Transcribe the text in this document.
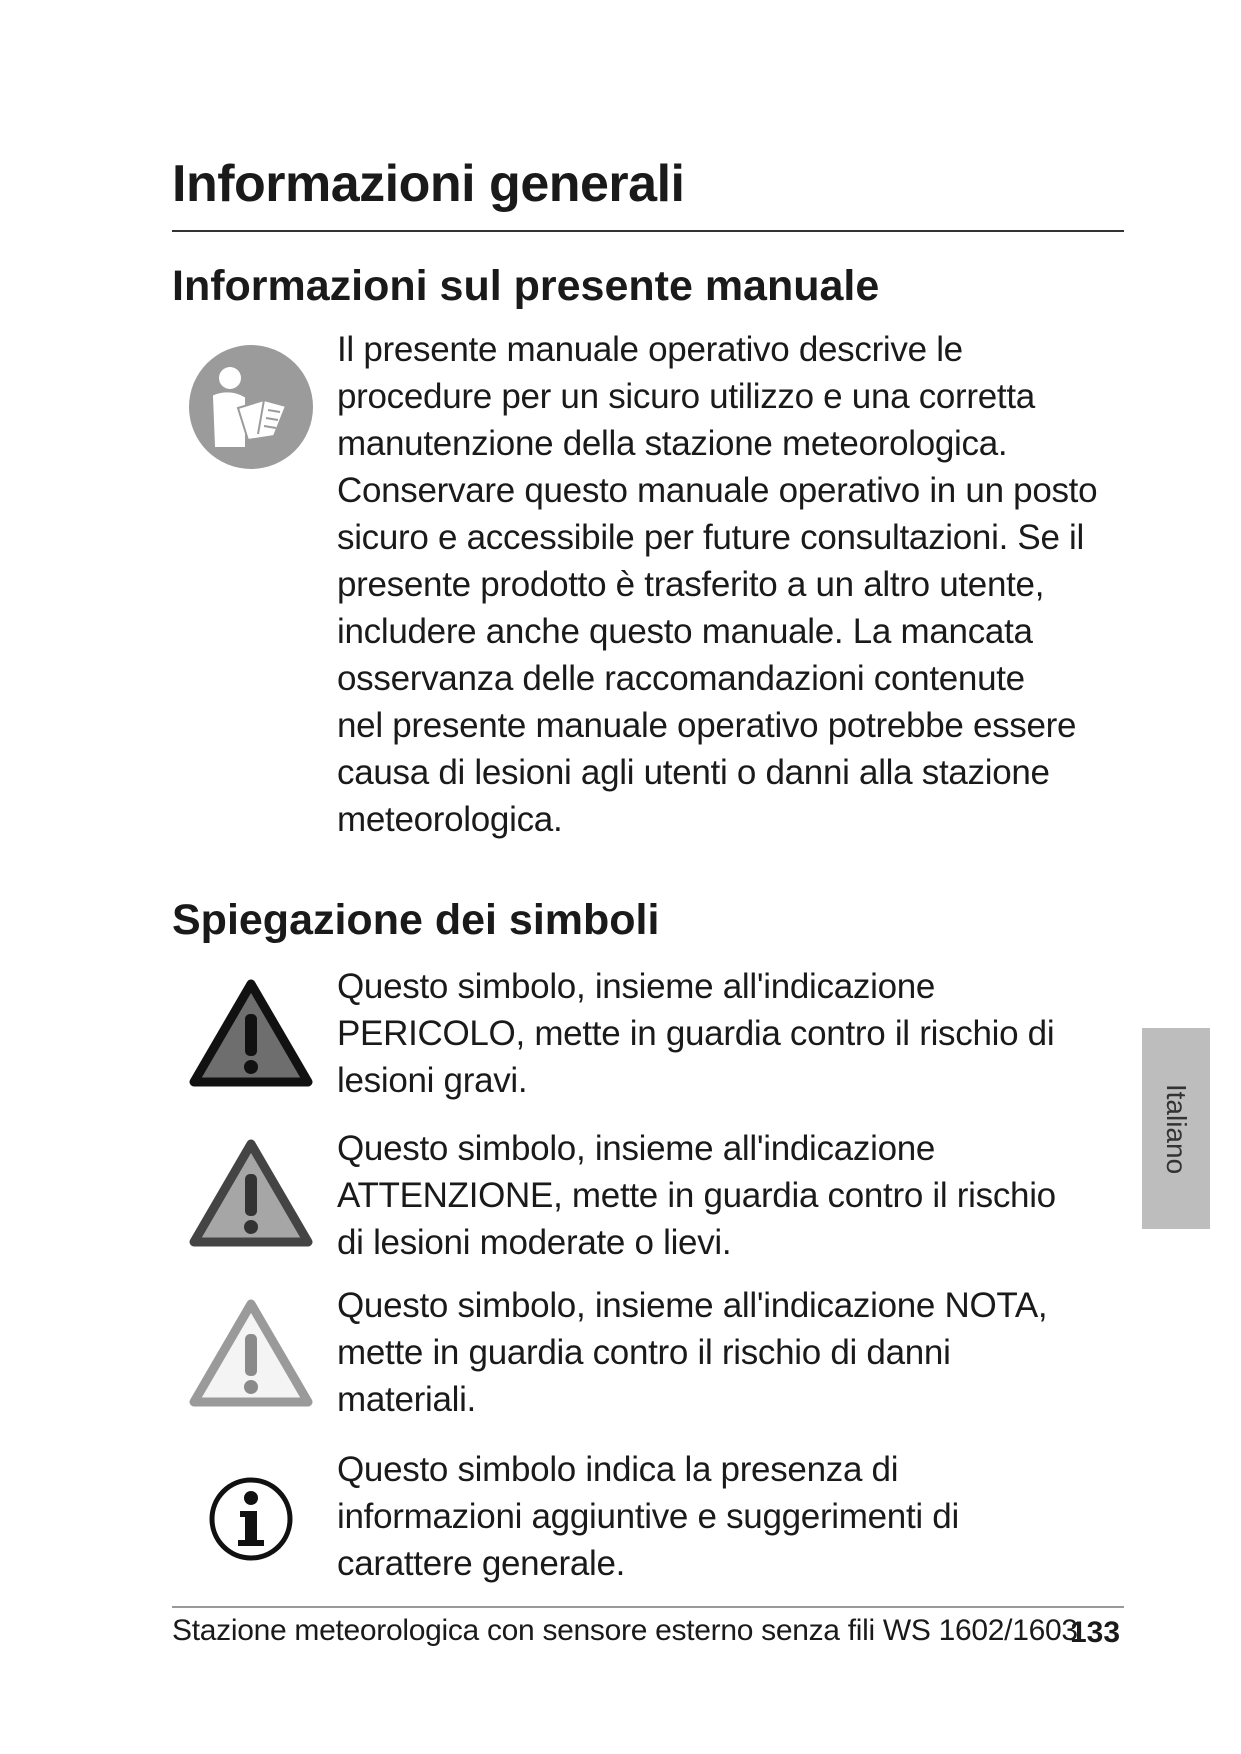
Informazioni generali
Informazioni sul presente manuale
Il presente manuale operativo descrive le
procedure per un sicuro utilizzo e una corretta
manutenzione della stazione meteorologica.
Conservare questo manuale operativo in un posto
sicuro e accessibile per future consultazioni. Se il
presente prodotto è trasferito a un altro utente,
includere anche questo manuale. La mancata
osservanza delle raccomandazioni contenute
nel presente manuale operativo potrebbe essere
causa di lesioni agli utenti o danni alla stazione
meteorologica.
Spiegazione dei simboli
Questo simbolo, insieme all'indicazione
PERICOLO, mette in guardia contro il rischio di
lesioni gravi.
Questo simbolo, insieme all'indicazione
ATTENZIONE, mette in guardia contro il rischio
di lesioni moderate o lievi.
Questo simbolo, insieme all'indicazione NOTA,
mette in guardia contro il rischio di danni
materiali.
Questo simbolo indica la presenza di
informazioni aggiuntive e suggerimenti di
carattere generale.
Italiano
Stazione meteorologica con sensore esterno senza fili WS 1602/1603
133
